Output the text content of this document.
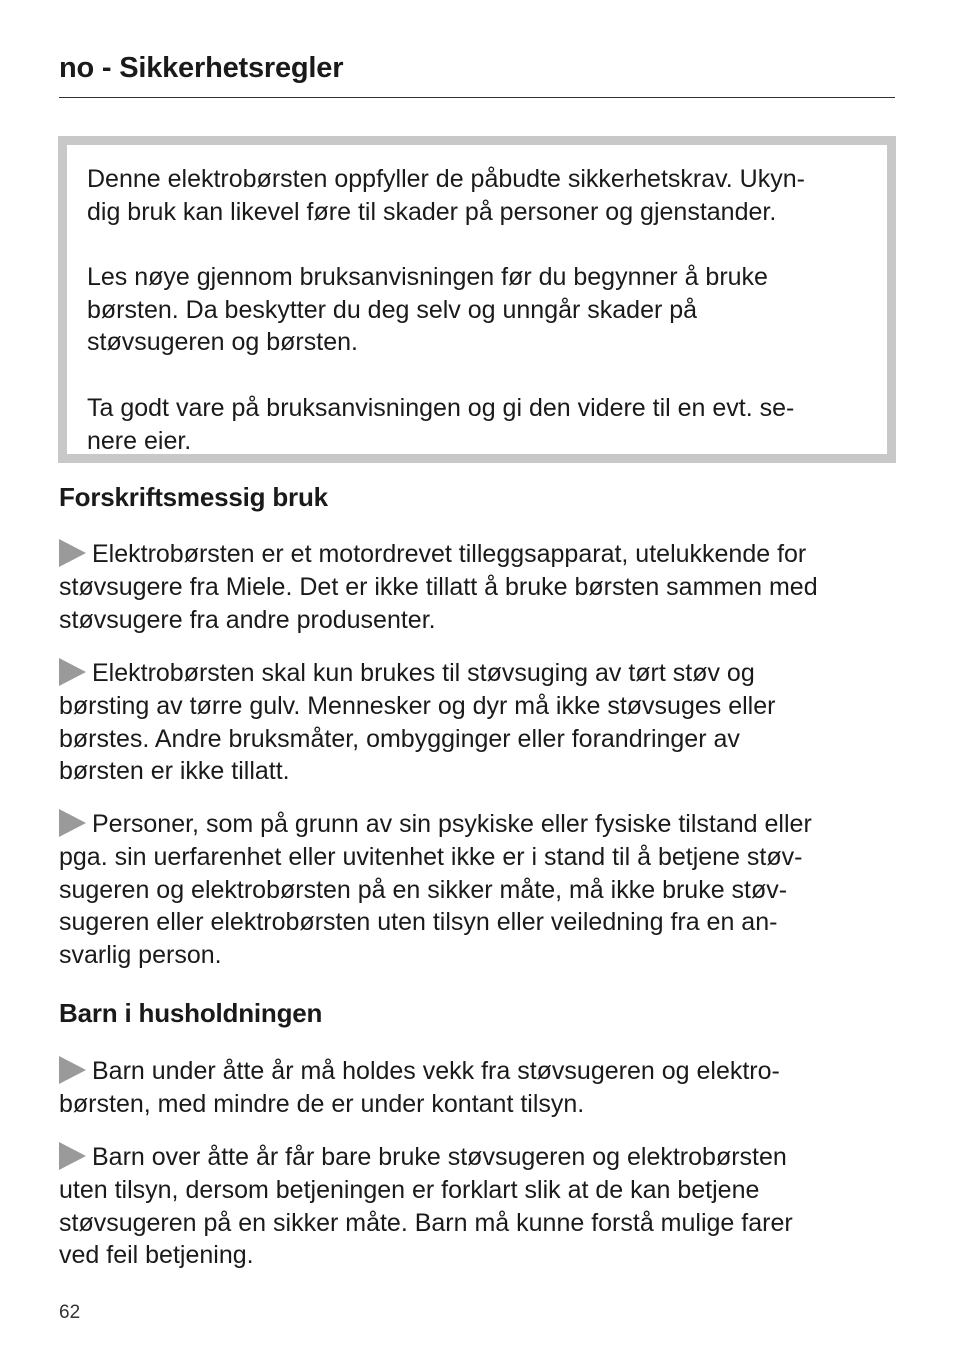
no - Sikkerhetsregler

Denne elektrobørsten oppfyller de påbudte sikkerhetskrav. Ukyn-
dig bruk kan likevel føre til skader på personer og gjenstander.

Les nøye gjennom bruksanvisningen før du begynner å bruke
børsten. Da beskytter du deg selv og unngår skader på
støvsugeren og børsten.

Ta godt vare på bruksanvisningen og gi den videre til en evt. se-
nere eier.

Forskriftsmessig bruk

Elektrobørsten er et motordrevet tilleggsapparat, utelukkende for
støvsugere fra Miele. Det er ikke tillatt å bruke børsten sammen med
støvsugere fra andre produsenter.

Elektrobørsten skal kun brukes til støvsuging av tørt støv og
børsting av tørre gulv. Mennesker og dyr må ikke støvsuges eller
børstes. Andre bruksmåter, ombygginger eller forandringer av
børsten er ikke tillatt.

Personer, som på grunn av sin psykiske eller fysiske tilstand eller
pga. sin uerfarenhet eller uvitenhet ikke er i stand til å betjene støv-
sugeren og elektrobørsten på en sikker måte, må ikke bruke støv-
sugeren eller elektrobørsten uten tilsyn eller veiledning fra en an-
svarlig person.

Barn i husholdningen

Barn under åtte år må holdes vekk fra støvsugeren og elektro-
børsten, med mindre de er under kontant tilsyn.

Barn over åtte år får bare bruke støvsugeren og elektrobørsten
uten tilsyn, dersom betjeningen er forklart slik at de kan betjene
støvsugeren på en sikker måte. Barn må kunne forstå mulige farer
ved feil betjening.

62
